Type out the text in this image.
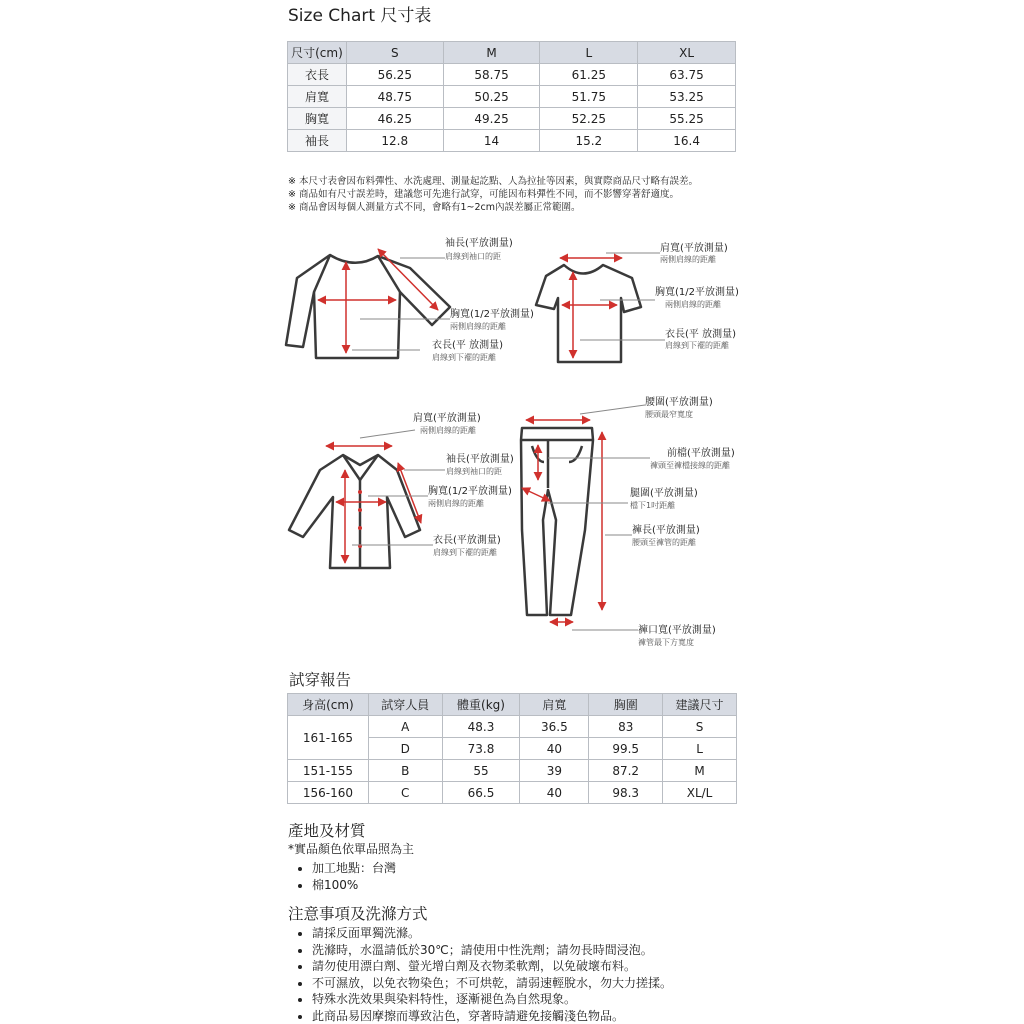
Size Chart 尺寸表
尺寸(cm)	S	M	L	XL
衣長	56.25	58.75	61.25	63.75
肩寬	48.75	50.25	51.75	53.25
胸寬	46.25	49.25	52.25	55.25
袖長	12.8	14	15.2	16.4
※ 本尺寸表會因布料彈性、水洗處理、測量起訖點、人為拉扯等因素，與實際商品尺寸略有誤差。
※ 商品如有尺寸誤差時，建議您可先進行試穿，可能因布料彈性不同，而不影響穿著舒適度。
※ 商品會因每個人測量方式不同，會略有1~2cm內誤差屬正常範圍。
袖長(平放測量)
肩線到袖口的距
胸寬(1/2平放測量)
兩側肩線的距離
衣長(平 放測量)
肩線到下襬的距離
肩寬(平放測量)
兩側肩線的距離
胸寬(1/2平放測量)
兩側肩線的距離
衣長(平 放測量)
肩線到下襬的距離
肩寬(平放測量)
兩側肩線的距離
袖長(平放測量)
肩線到袖口的距
胸寬(1/2平放測量)
兩側肩線的距離
衣長(平放測量)
肩線到下襬的距離
腰圍(平放測量)
腰頭最窄寬度
前檔(平放測量)
褲頭至褲檔接線的距離
腿圍(平放測量)
檔下1吋距離
褲長(平放測量)
腰頭至褲管的距離
褲口寬(平放測量)
褲管最下方寬度
試穿報告
身高(cm)	試穿人員	體重(kg)	肩寬	胸圍	建議尺寸
161-165	A	48.3	36.5	83	S
	D	73.8	40	99.5	L
151-155	B	55	39	87.2	M
156-160	C	66.5	40	98.3	XL/L
產地及材質
*實品顏色依單品照為主
• 加工地點：台灣
• 棉100%
注意事項及洗滌方式
• 請採反面單獨洗滌。
• 洗滌時，水溫請低於30℃；請使用中性洗劑；請勿長時間浸泡。
• 請勿使用漂白劑、螢光增白劑及衣物柔軟劑，以免破壞布料。
• 不可濕放，以免衣物染色；不可烘乾，請弱速輕脫水，勿大力搓揉。
• 特殊水洗效果與染料特性，逐漸褪色為自然現象。
• 此商品易因摩擦而導致沾色，穿著時請避免接觸淺色物品。
